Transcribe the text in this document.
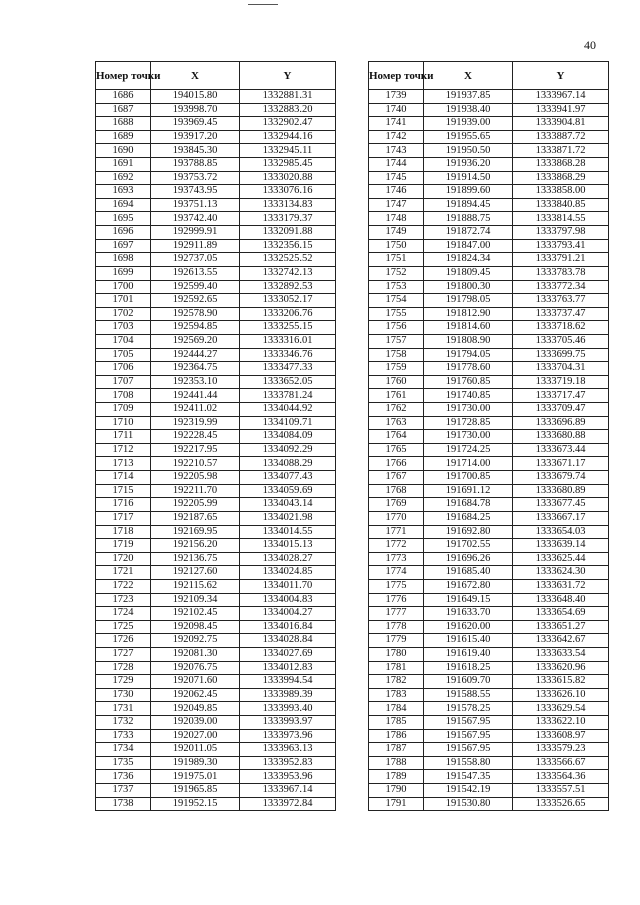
40
Номер точки	X	Y
1686	194015.80	1332881.31
1687	193998.70	1332883.20
1688	193969.45	1332902.47
1689	193917.20	1332944.16
1690	193845.30	1332945.11
1691	193788.85	1332985.45
1692	193753.72	1333020.88
1693	193743.95	1333076.16
1694	193751.13	1333134.83
1695	193742.40	1333179.37
1696	192999.91	1332091.88
1697	192911.89	1332356.15
1698	192737.05	1332525.52
1699	192613.55	1332742.13
1700	192599.40	1332892.53
1701	192592.65	1333052.17
1702	192578.90	1333206.76
1703	192594.85	1333255.15
1704	192569.20	1333316.01
1705	192444.27	1333346.76
1706	192364.75	1333477.33
1707	192353.10	1333652.05
1708	192441.44	1333781.24
1709	192411.02	1334044.92
1710	192319.99	1334109.71
1711	192228.45	1334084.09
1712	192217.95	1334092.29
1713	192210.57	1334088.29
1714	192205.98	1334077.43
1715	192211.70	1334059.69
1716	192205.99	1334043.14
1717	192187.65	1334021.98
1718	192169.95	1334014.55
1719	192156.20	1334015.13
1720	192136.75	1334028.27
1721	192127.60	1334024.85
1722	192115.62	1334011.70
1723	192109.34	1334004.83
1724	192102.45	1334004.27
1725	192098.45	1334016.84
1726	192092.75	1334028.84
1727	192081.30	1334027.69
1728	192076.75	1334012.83
1729	192071.60	1333994.54
1730	192062.45	1333989.39
1731	192049.85	1333993.40
1732	192039.00	1333993.97
1733	192027.00	1333973.96
1734	192011.05	1333963.13
1735	191989.30	1333952.83
1736	191975.01	1333953.96
1737	191965.85	1333967.14
1738	191952.15	1333972.84
Номер точки	X	Y
1739	191937.85	1333967.14
1740	191938.40	1333941.97
1741	191939.00	1333904.81
1742	191955.65	1333887.72
1743	191950.50	1333871.72
1744	191936.20	1333868.28
1745	191914.50	1333868.29
1746	191899.60	1333858.00
1747	191894.45	1333840.85
1748	191888.75	1333814.55
1749	191872.74	1333797.98
1750	191847.00	1333793.41
1751	191824.34	1333791.21
1752	191809.45	1333783.78
1753	191800.30	1333772.34
1754	191798.05	1333763.77
1755	191812.90	1333737.47
1756	191814.60	1333718.62
1757	191808.90	1333705.46
1758	191794.05	1333699.75
1759	191778.60	1333704.31
1760	191760.85	1333719.18
1761	191740.85	1333717.47
1762	191730.00	1333709.47
1763	191728.85	1333696.89
1764	191730.00	1333680.88
1765	191724.25	1333673.44
1766	191714.00	1333671.17
1767	191700.85	1333679.74
1768	191691.12	1333680.89
1769	191684.78	1333677.45
1770	191684.25	1333667.17
1771	191692.80	1333654.03
1772	191702.55	1333639.14
1773	191696.26	1333625.44
1774	191685.40	1333624.30
1775	191672.80	1333631.72
1776	191649.15	1333648.40
1777	191633.70	1333654.69
1778	191620.00	1333651.27
1779	191615.40	1333642.67
1780	191619.40	1333633.54
1781	191618.25	1333620.96
1782	191609.70	1333615.82
1783	191588.55	1333626.10
1784	191578.25	1333629.54
1785	191567.95	1333622.10
1786	191567.95	1333608.97
1787	191567.95	1333579.23
1788	191558.80	1333566.67
1789	191547.35	1333564.36
1790	191542.19	1333557.51
1791	191530.80	1333526.65
